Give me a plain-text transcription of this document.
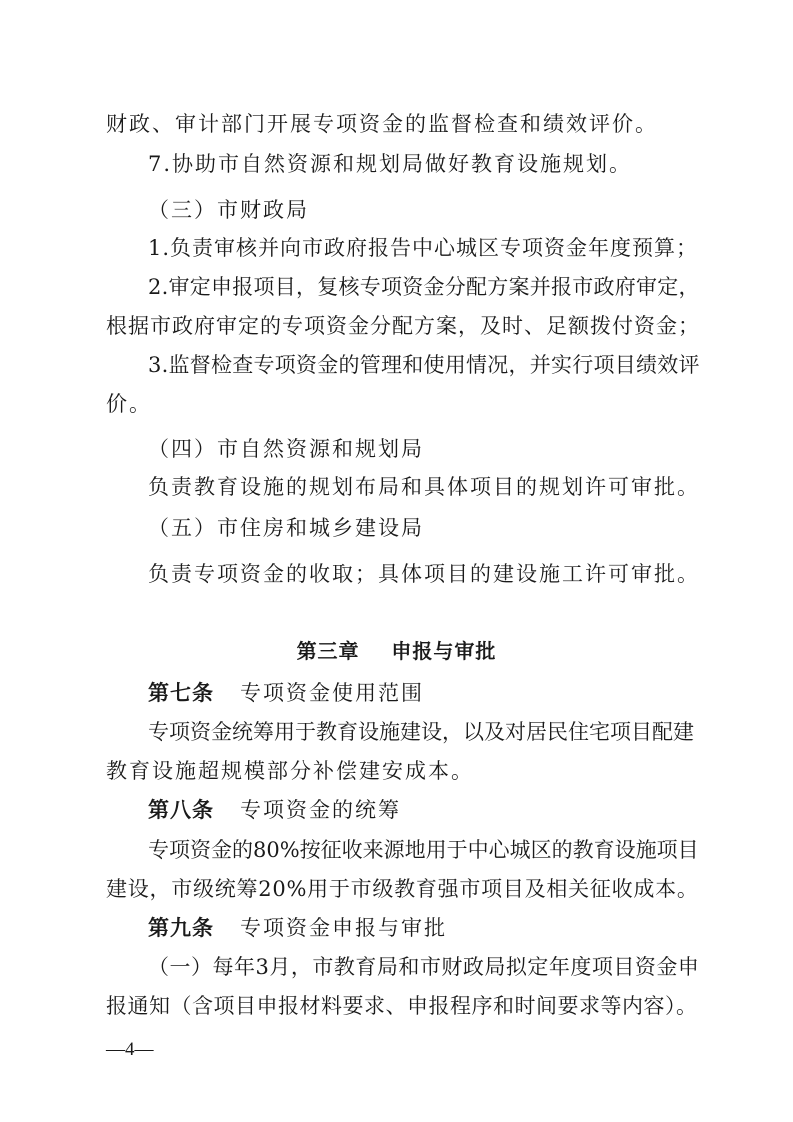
财政、审计部门开展专项资金的监督检查和绩效评价。
7.协助市自然资源和规划局做好教育设施规划。
（三）市财政局
1.负责审核并向市政府报告中心城区专项资金年度预算；
2.审定申报项目，复核专项资金分配方案并报市政府审定，
根据市政府审定的专项资金分配方案，及时、足额拨付资金；
3.监督检查专项资金的管理和使用情况，并实行项目绩效评
价。
（四）市自然资源和规划局
负责教育设施的规划布局和具体项目的规划许可审批。
（五）市住房和城乡建设局
负责专项资金的收取；具体项目的建设施工许可审批。
第三章    申报与审批
第七条 专项资金使用范围
专项资金统筹用于教育设施建设，以及对居民住宅项目配建
教育设施超规模部分补偿建安成本。
第八条 专项资金的统筹
专项资金的80%按征收来源地用于中心城区的教育设施项目
建设，市级统筹20%用于市级教育强市项目及相关征收成本。
第九条 专项资金申报与审批
（一）每年3月，市教育局和市财政局拟定年度项目资金申
报通知（含项目申报材料要求、申报程序和时间要求等内容）。
—4—
